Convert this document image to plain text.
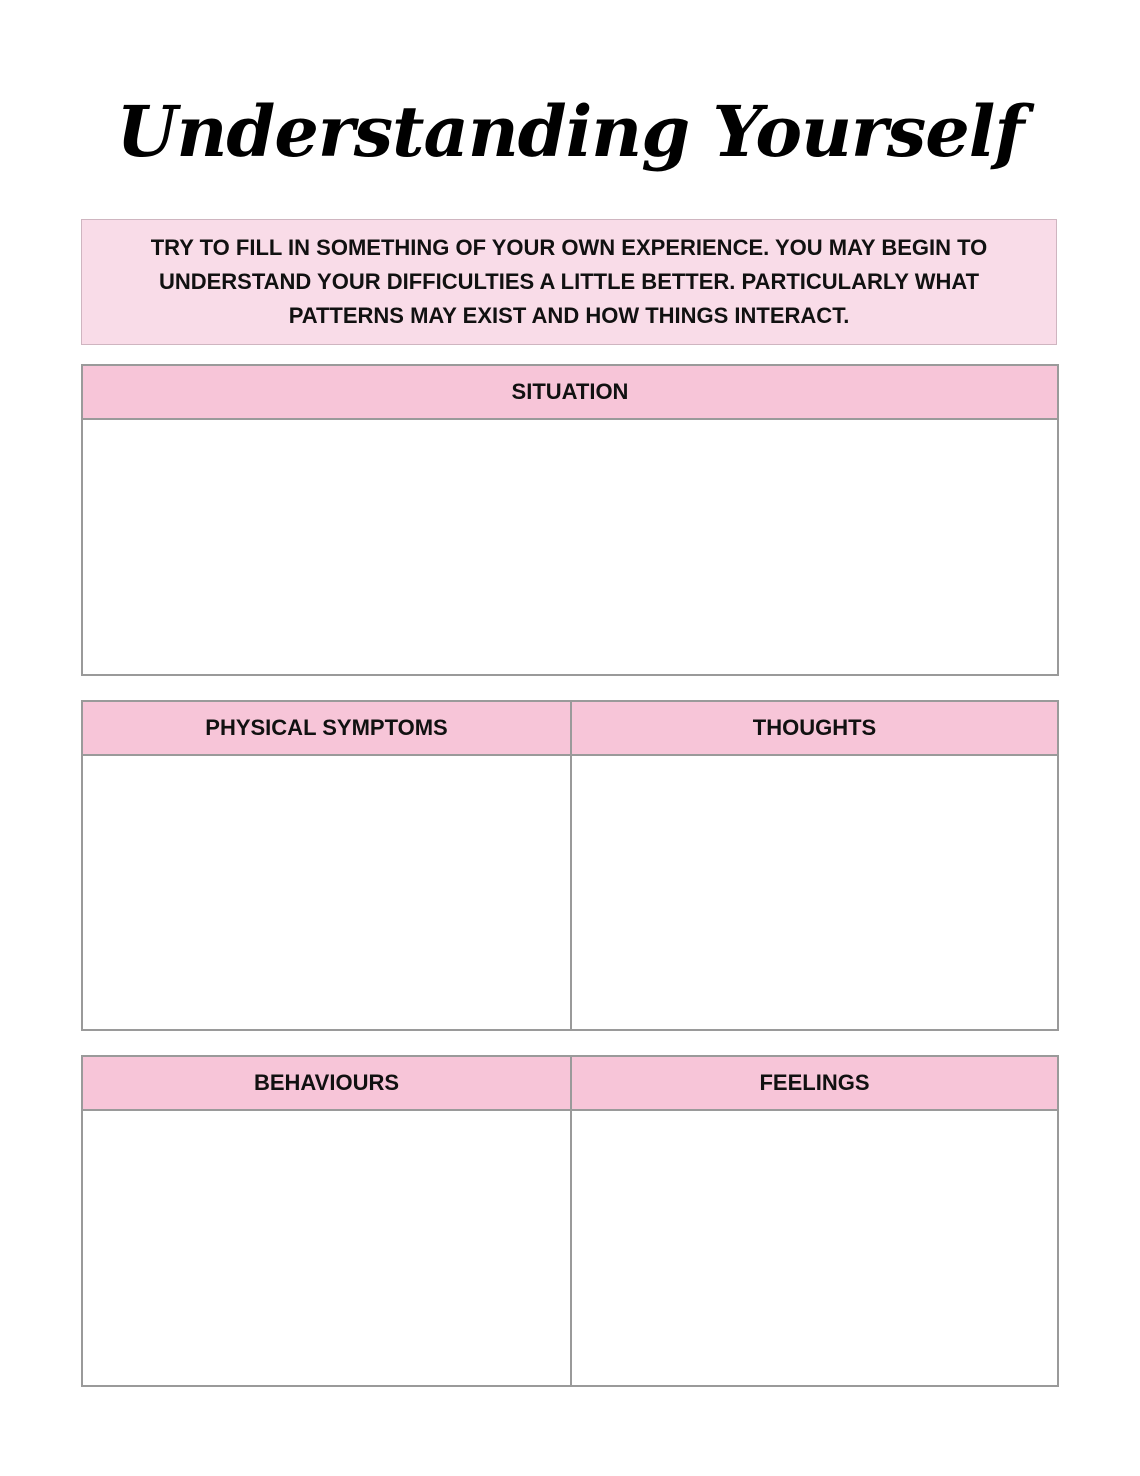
Understanding Yourself

TRY TO FILL IN SOMETHING OF YOUR OWN EXPERIENCE. YOU MAY BEGIN TO UNDERSTAND YOUR DIFFICULTIES A LITTLE BETTER. PARTICULARLY WHAT PATTERNS MAY EXIST AND HOW THINGS INTERACT.

SITUATION
PHYSICAL SYMPTOMS	THOUGHTS
BEHAVIOURS	FEELINGS
